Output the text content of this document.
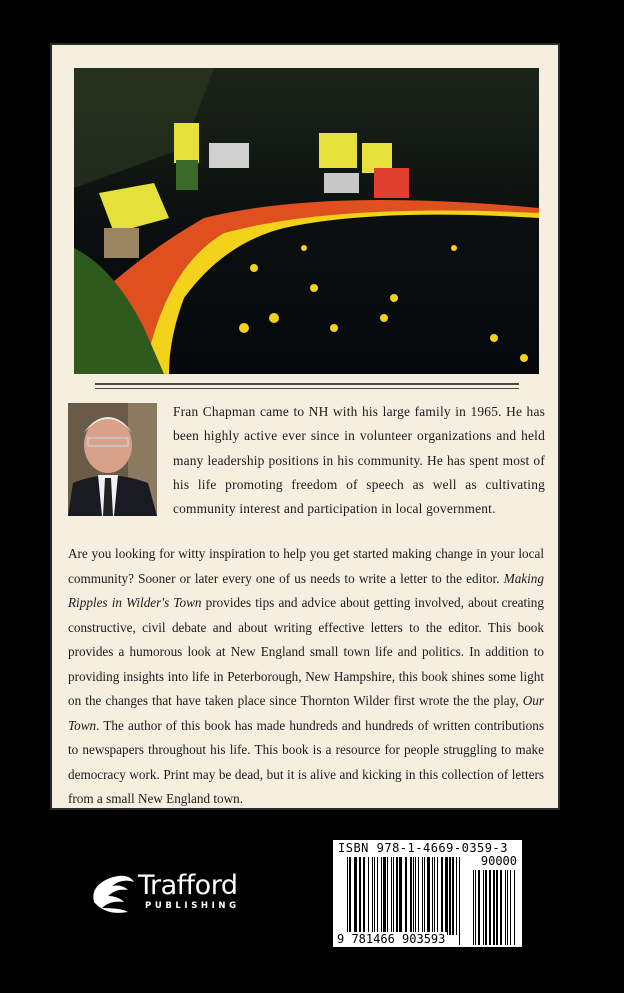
Fran Chapman came to NH with his large family in 1965. He has been highly active ever since in volunteer organizations and held many leadership positions in his community. He has spent most of his life promoting freedom of speech as well as cultivating community interest and participation in local government.
Are you looking for witty inspiration to help you get started making change in your local community? Sooner or later every one of us needs to write a letter to the editor. Making Ripples in Wilder's Town provides tips and advice about getting involved, about creating constructive, civil debate and about writing effective letters to the editor. This book provides a humorous look at New England small town life and politics. In addition to providing insights into life in Peterborough, New Hampshire, this book shines some light on the changes that have taken place since Thornton Wilder first wrote the the play, Our Town. The author of this book has made hundreds and hundreds of written contributions to newspapers throughout his life. This book is a resource for people struggling to make democracy work. Print may be dead, but it is alive and kicking in this collection of letters from a small New England town.
Trafford
PUBLISHING
ISBN 978-1-4669-0359-3
90000
9 781466 903593
